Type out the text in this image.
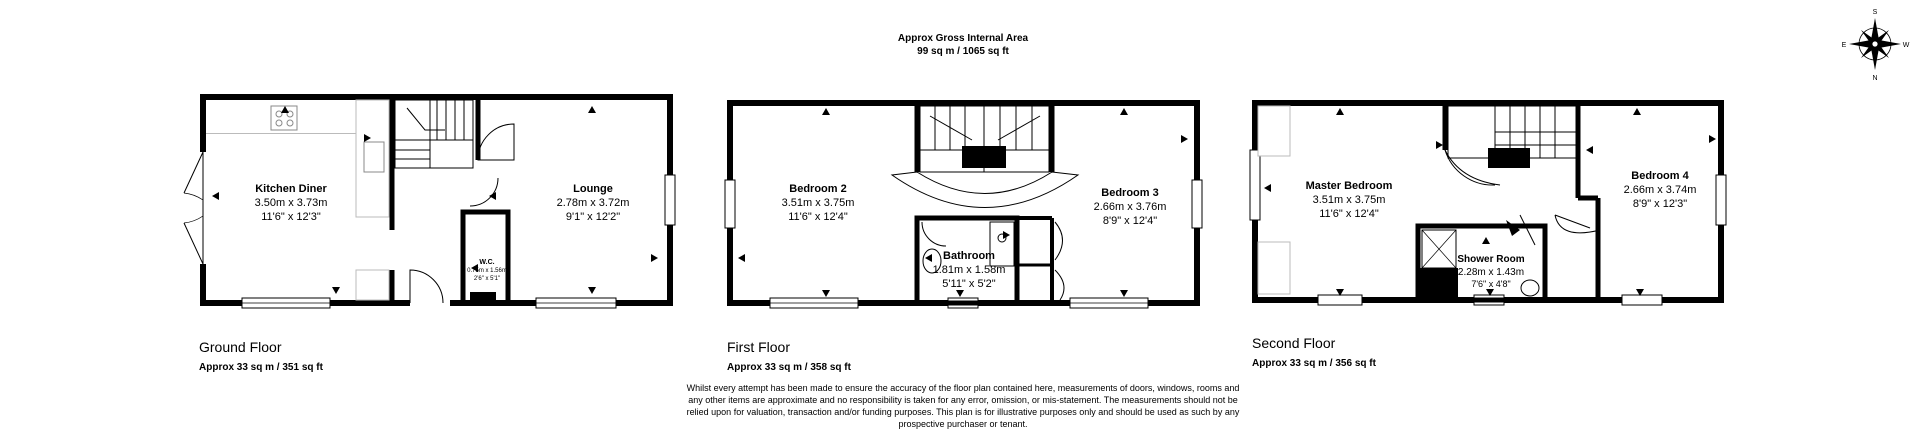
Approx Gross Internal Area
99 sq m / 1065 sq ft
S
N
W
E
Kitchen Diner
3.50m x 3.73m
11'6" x 12'3"
Lounge
2.78m x 3.72m
9'1" x 12'2"
W.C.
0.75m x 1.56m
2'6" x 5'1"
Ground Floor
Approx 33 sq m / 351 sq ft
Bedroom 2
3.51m x 3.75m
11'6" x 12'4"
Bedroom 3
2.66m x 3.76m
8'9" x 12'4"
Bathroom
1.81m x 1.58m
5'11" x 5'2"
First Floor
Approx 33 sq m / 358 sq ft
Master Bedroom
3.51m x 3.75m
11'6" x 12'4"
Bedroom 4
2.66m x 3.74m
8'9" x 12'3"
Shower Room
2.28m x 1.43m
7'6" x 4'8"
Second Floor
Approx 33 sq m / 356 sq ft
Whilst every attempt has been made to ensure the accuracy of the floor plan contained here, measurements of doors, windows, rooms and
any other items are approximate and no responsibility is taken for any error, omission, or mis-statement. The measurements should not be
relied upon for valuation, transaction and/or funding purposes. This plan is for illustrative purposes only and should be used as such by any
prospective purchaser or tenant.
